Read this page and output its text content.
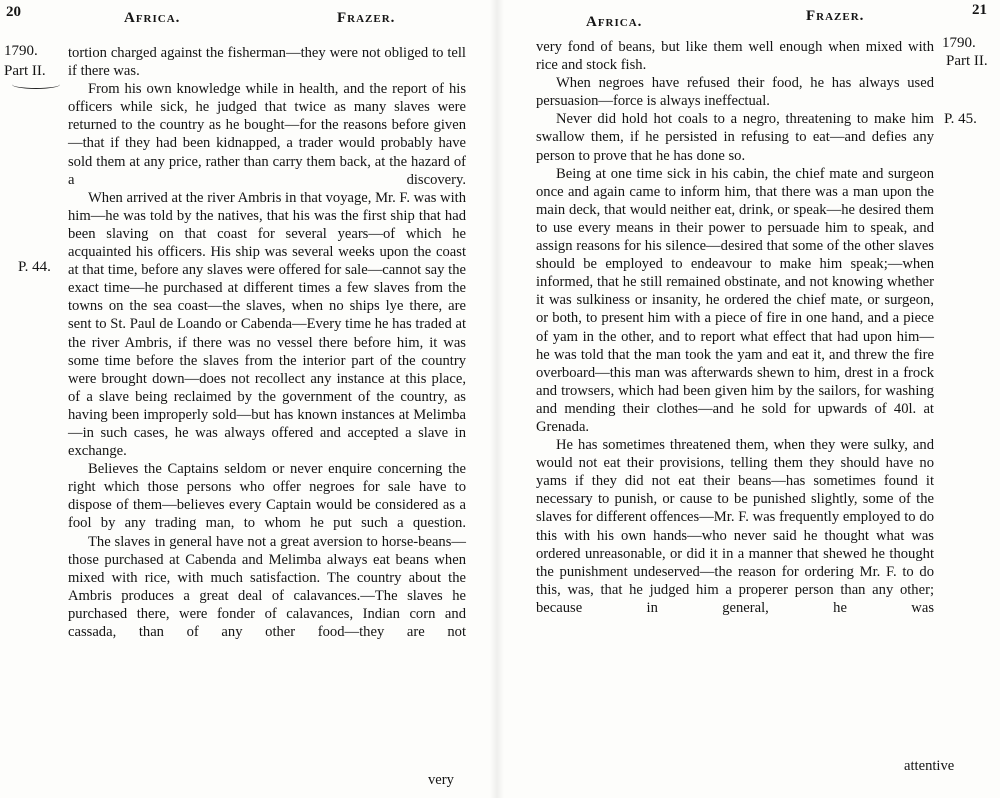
20	Africa.	Frazer.
1790.
Part II.
P. 44.

tortion charged against the fisherman—they were not obliged to tell if there was.

From his own knowledge while in health, and the report of his officers while sick, he judged that twice as many slaves were returned to the country as he bought—for the reasons before given—that if they had been kidnapped, a trader would probably have sold them at any price, rather than carry them back, at the hazard of a discovery.

When arrived at the river Ambris in that voyage, Mr. F. was with him—he was told by the natives, that his was the first ship that had been slaving on that coast for several years—of which he acquainted his officers. His ship was several weeks upon the coast at that time, before any slaves were offered for sale—cannot say the exact time—he purchased at different times a few slaves from the towns on the sea coast—the slaves, when no ships lye there, are sent to St. Paul de Loando or Cabenda—Every time he has traded at the river Ambris, if there was no vessel there before him, it was some time before the slaves from the interior part of the country were brought down—does not recollect any instance at this place, of a slave being reclaimed by the government of the country, as having been improperly sold—but has known instances at Melimba—in such cases, he was always offered and accepted a slave in exchange.

Believes the Captains seldom or never enquire concerning the right which those persons who offer negroes for sale have to dispose of them—believes every Captain would be considered as a fool by any trading man, to whom he put such a question.

The slaves in general have not a great aversion to horse-beans—those purchased at Cabenda and Melimba always eat beans when mixed with rice, with much satisfaction. The country about the Ambris produces a great deal of calavances.—The slaves he purchased there, were fonder of calavances, Indian corn and cassada, than of any other food—they are not

very
Africa.	Frazer.	21
1790.
Part II.
P. 45.

very fond of beans, but like them well enough when mixed with rice and stock fish.

When negroes have refused their food, he has always used persuasion—force is always ineffectual.

Never did hold hot coals to a negro, threatening to make him swallow them, if he persisted in refusing to eat—and defies any person to prove that he has done so.

Being at one time sick in his cabin, the chief mate and surgeon once and again came to inform him, that there was a man upon the main deck, that would neither eat, drink, or speak—he desired them to use every means in their power to persuade him to speak, and assign reasons for his silence—desired that some of the other slaves should be employed to endeavour to make him speak;—when informed, that he still remained obstinate, and not knowing whether it was sulkiness or insanity, he ordered the chief mate, or surgeon, or both, to present him with a piece of fire in one hand, and a piece of yam in the other, and to report what effect that had upon him—he was told that the man took the yam and eat it, and threw the fire overboard—this man was afterwards shewn to him, drest in a frock and trowsers, which had been given him by the sailors, for washing and mending their clothes—and he sold for upwards of 40l. at Grenada.

He has sometimes threatened them, when they were sulky, and would not eat their provisions, telling them they should have no yams if they did not eat their beans—has sometimes found it necessary to punish, or cause to be punished slightly, some of the slaves for different offences—Mr. F. was frequently employed to do this with his own hands—who never said he thought what was ordered unreasonable, or did it in a manner that shewed he thought the punishment undeserved—the reason for ordering Mr. F. to do this, was, that he judged him a properer person than any other; because in general, he was

attentive
